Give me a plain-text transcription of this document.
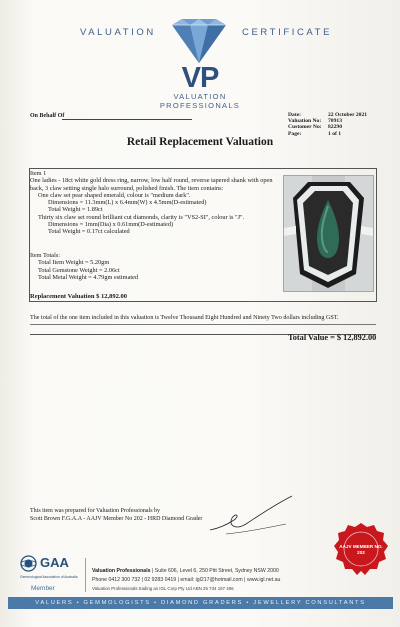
VALUATION	CERTIFICATE
VP
VALUATION
PROFESSIONALS
On Behalf Of	Date:	22 October 2021
Valuation No:	70913
Customer No:	82290
Page:	1 of 1
Retail Replacement Valuation

Item 1

One ladies - 18ct white gold dress ring, narrow, low half round, reverse tapered shank with open back, 3 claw setting single halo surround, polished finish. The item contains:

One claw set pear shaped emerald, colour is "medium dark".

Dimensions = 11.3mm(L) x 6.4mm(W) x 4.5mm(D-estimated)

Total Weight = 1.89ct

Thirty six claw set round brilliant cut diamonds, clarity is "VS2-SI", colour is "J".

Dimensions = 1mm(Dia) x 0.61mm(D-estimated)

Total Weight = 0.17ct calculated

Item Totals:
Total Item Weight = 5.20gm
Total Gemstone Weight = 2.06ct
Total Metal Weight = 4.79gm estimated
Replacement Valuation $ 12,892.00
The total of the one item included in this valuation is Twelve Thousand Eight Hundred and Ninety Two dollars including GST.
Total Value = $ 12,892.00
This item was prepared for Valuation Professionals by
Scott Brown F.G.A.A - AAJV Member No 202 - HRD Diamond Grader
AAJV MEMBER NO.
202
GAA
Gemmological Association of Australia
Member
Valuation Professionals | Suite 606, Level 6, 250 Pitt Street, Sydney NSW 2000
Phone 0412 300 732 | 02 9283 0419 | email: igl217@hotmail.com | www.igl.net.au
Valuation Professionals trading as IGL Corp Pty Ltd ABN 25 734 197 486
VALUERS • GEMMOLOGISTS • DIAMOND GRADERS • JEWELLERY CONSULTANTS
